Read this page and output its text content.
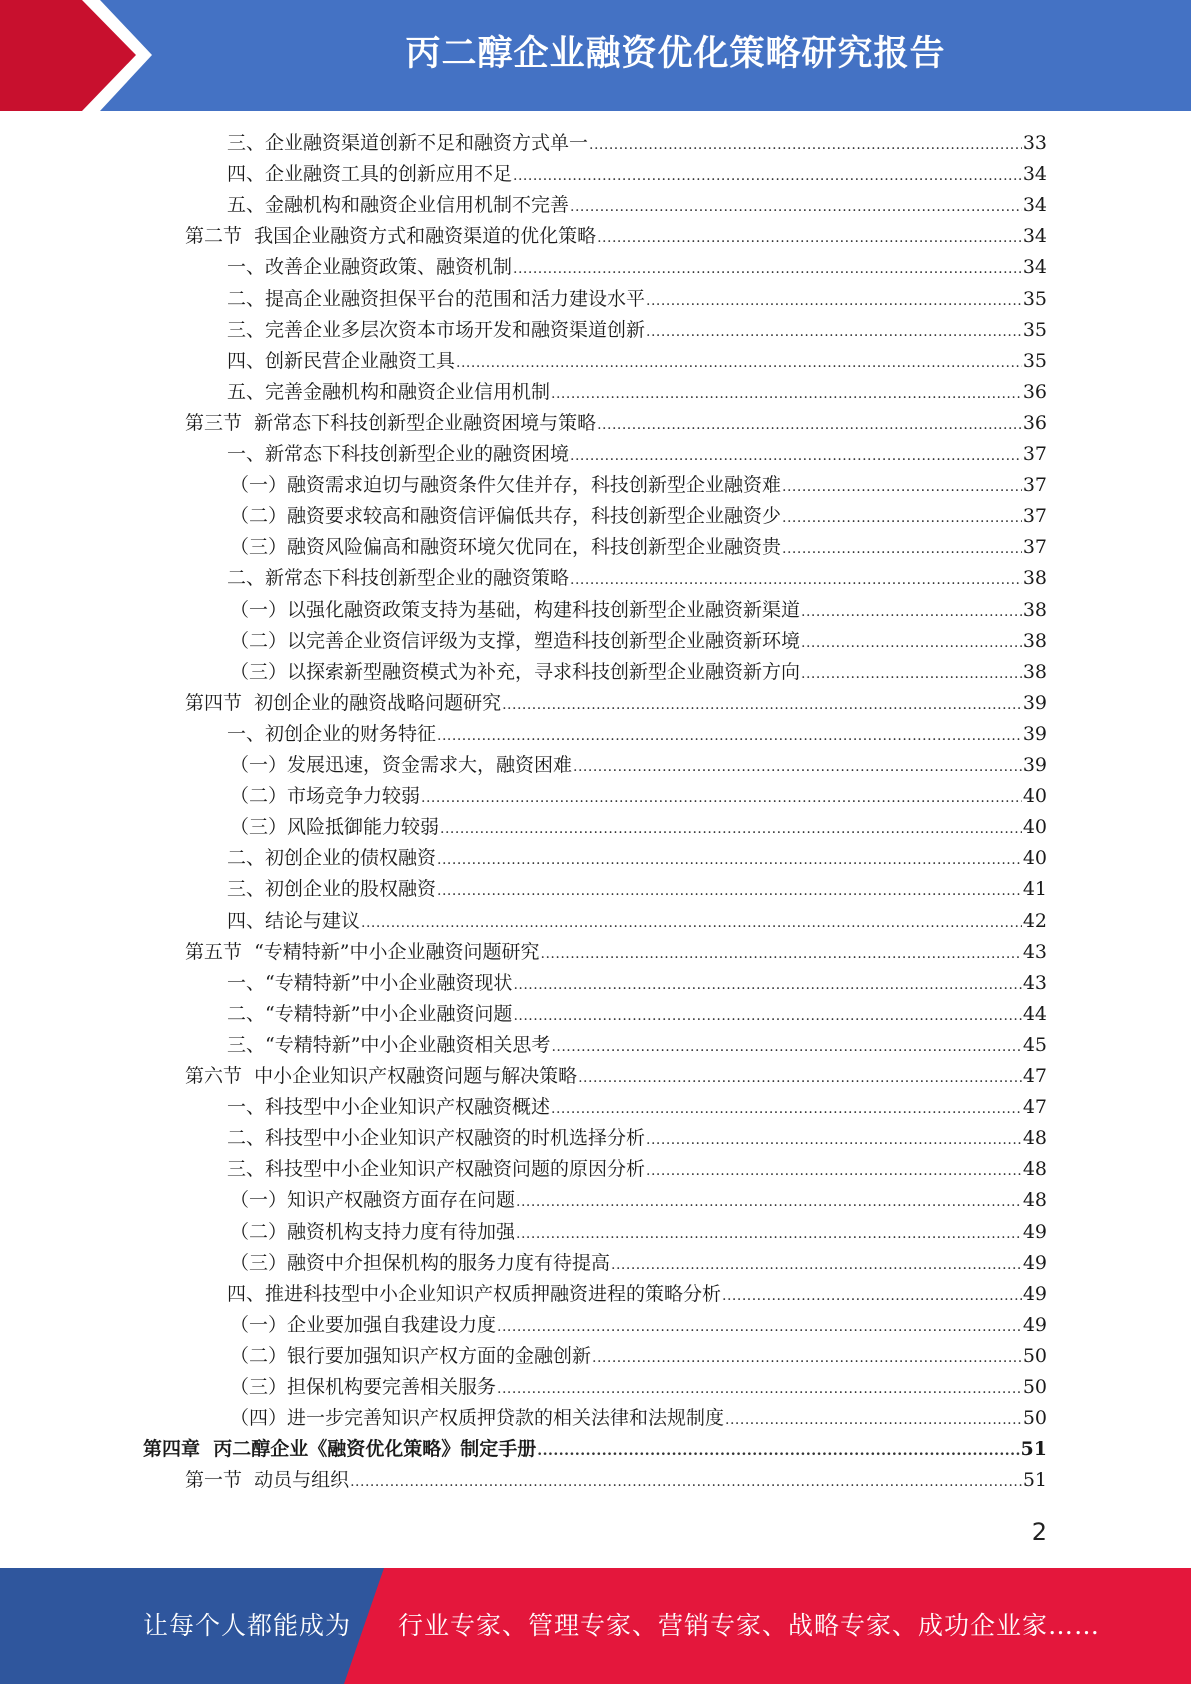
丙二醇企业融资优化策略研究报告
三、企业融资渠道创新不足和融资方式单一 .....	33
四、企业融资工具的创新应用不足 .....	34
五、金融机构和融资企业信用机制不完善 .....	34
第二节  我国企业融资方式和融资渠道的优化策略 .....	34
一、改善企业融资政策、融资机制 .....	34
二、提高企业融资担保平台的范围和活力建设水平 .....	35
三、完善企业多层次资本市场开发和融资渠道创新 .....	35
四、创新民营企业融资工具 .....	35
五、完善金融机构和融资企业信用机制 .....	36
第三节  新常态下科技创新型企业融资困境与策略 .....	36
一、新常态下科技创新型企业的融资困境 .....	37
（一）融资需求迫切与融资条件欠佳并存，科技创新型企业融资难 .....	37
（二）融资要求较高和融资信评偏低共存，科技创新型企业融资少 .....	37
（三）融资风险偏高和融资环境欠优同在，科技创新型企业融资贵 .....	37
二、新常态下科技创新型企业的融资策略 .....	38
（一）以强化融资政策支持为基础，构建科技创新型企业融资新渠道 .....	38
（二）以完善企业资信评级为支撑，塑造科技创新型企业融资新环境 .....	38
（三）以探索新型融资模式为补充，寻求科技创新型企业融资新方向 .....	38
第四节  初创企业的融资战略问题研究 .....	39
一、初创企业的财务特征 .....	39
（一）发展迅速，资金需求大，融资困难 .....	39
（二）市场竞争力较弱 .....	40
（三）风险抵御能力较弱 .....	40
二、初创企业的债权融资 .....	40
三、初创企业的股权融资 .....	41
四、结论与建议 .....	42
第五节  “专精特新”中小企业融资问题研究 .....	43
一、“专精特新”中小企业融资现状 .....	43
二、“专精特新”中小企业融资问题 .....	44
三、“专精特新”中小企业融资相关思考 .....	45
第六节  中小企业知识产权融资问题与解决策略 .....	47
一、科技型中小企业知识产权融资概述 .....	47
二、科技型中小企业知识产权融资的时机选择分析 .....	48
三、科技型中小企业知识产权融资问题的原因分析 .....	48
（一）知识产权融资方面存在问题 .....	48
（二）融资机构支持力度有待加强 .....	49
（三）融资中介担保机构的服务力度有待提高 .....	49
四、推进科技型中小企业知识产权质押融资进程的策略分析 .....	49
（一）企业要加强自我建设力度 .....	49
（二）银行要加强知识产权方面的金融创新 .....	50
（三）担保机构要完善相关服务 .....	50
（四）进一步完善知识产权质押贷款的相关法律和法规制度 .....	50
第四章  丙二醇企业《融资优化策略》制定手册 .....	51
第一节  动员与组织 .....	51
2
让每个人都能成为 行业专家、管理专家、营销专家、战略专家、成功企业家……
